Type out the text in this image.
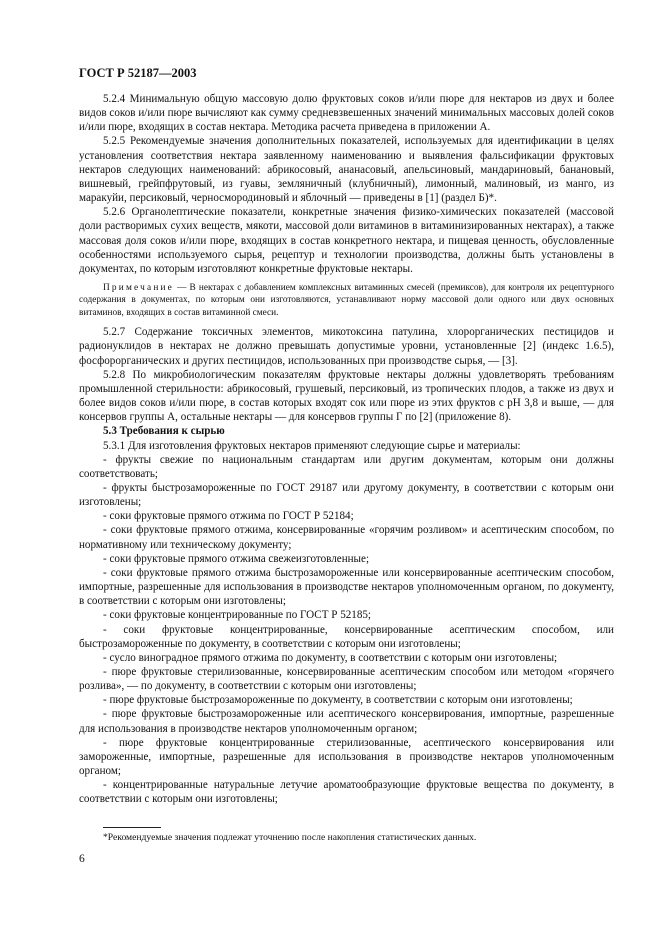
ГОСТ Р 52187—2003

5.2.4 Минимальную общую массовую долю фруктовых соков и/или пюре для нектаров из двух и более видов соков и/или пюре вычисляют как сумму средневзвешенных значений минимальных массовых долей соков и/или пюре, входящих в состав нектара. Методика расчета приведена в приложении А.

5.2.5 Рекомендуемые значения дополнительных показателей, используемых для идентификации в целях установления соответствия нектара заявленному наименованию и выявления фальсификации фруктовых нектаров следующих наименований: абрикосовый, ананасовый, апельсиновый, мандариновый, банановый, вишневый, грейпфрутовый, из гуавы, земляничный (клубничный), лимонный, малиновый, из манго, из маракуйи, персиковый, черносмородиновый и яблочный — приведены в [1] (раздел Б)*.

5.2.6 Органолептические показатели, конкретные значения физико-химических показателей (массовой доли растворимых сухих веществ, мякоти, массовой доли витаминов в витаминизированных нектарах), а также массовая доля соков и/или пюре, входящих в состав конкретного нектара, и пищевая ценность, обусловленные особенностями используемого сырья, рецептур и технологии производства, должны быть установлены в документах, по которым изготовляют конкретные фруктовые нектары.

Примечание — В нектарах с добавлением комплексных витаминных смесей (премиксов), для контроля их рецептурного содержания в документах, по которым они изготовляются, устанавливают норму массовой доли одного или двух основных витаминов, входящих в состав витаминной смеси.

5.2.7 Содержание токсичных элементов, микотоксина патулина, хлорорганических пестицидов и радионуклидов в нектарах не должно превышать допустимые уровни, установленные [2] (индекс 1.6.5), фосфорорганических и других пестицидов, использованных при производстве сырья, — [3].

5.2.8 По микробиологическим показателям фруктовые нектары должны удовлетворять требованиям промышленной стерильности: абрикосовый, грушевый, персиковый, из тропических плодов, а также из двух и более видов соков и/или пюре, в состав которых входят сок или пюре из этих фруктов с рН 3,8 и выше, — для консервов группы А, остальные нектары — для консервов группы Г по [2] (приложение 8).

5.3 Требования к сырью

5.3.1 Для изготовления фруктовых нектаров применяют следующие сырье и материалы:

- фрукты свежие по национальным стандартам или другим документам, которым они должны соответствовать;

- фрукты быстрозамороженные по ГОСТ 29187 или другому документу, в соответствии с которым они изготовлены;

- соки фруктовые прямого отжима по ГОСТ Р 52184;

- соки фруктовые прямого отжима, консервированные «горячим розливом» и асептическим способом, по нормативному или техническому документу;

- соки фруктовые прямого отжима свежеизготовленные;

- соки фруктовые прямого отжима быстрозамороженные или консервированные асептическим способом, импортные, разрешенные для использования в производстве нектаров уполномоченным органом, по документу, в соответствии с которым они изготовлены;

- соки фруктовые концентрированные по ГОСТ Р 52185;

- соки фруктовые концентрированные, консервированные асептическим способом, или быстрозамороженные по документу, в соответствии с которым они изготовлены;

- сусло виноградное прямого отжима по документу, в соответствии с которым они изготовлены;

- пюре фруктовые стерилизованные, консервированные асептическим способом или методом «горячего розлива», — по документу, в соответствии с которым они изготовлены;

- пюре фруктовые быстрозамороженные по документу, в соответствии с которым они изготовлены;

- пюре фруктовые быстрозамороженные или асептического консервирования, импортные, разрешенные для использования в производстве нектаров уполномоченным органом;

- пюре фруктовые концентрированные стерилизованные, асептического консервирования или замороженные, импортные, разрешенные для использования в производстве нектаров уполномоченным органом;

- концентрированные натуральные летучие ароматообразующие фруктовые вещества по документу, в соответствии с которым они изготовлены;

*Рекомендуемые значения подлежат уточнению после накопления статистических данных.
6
